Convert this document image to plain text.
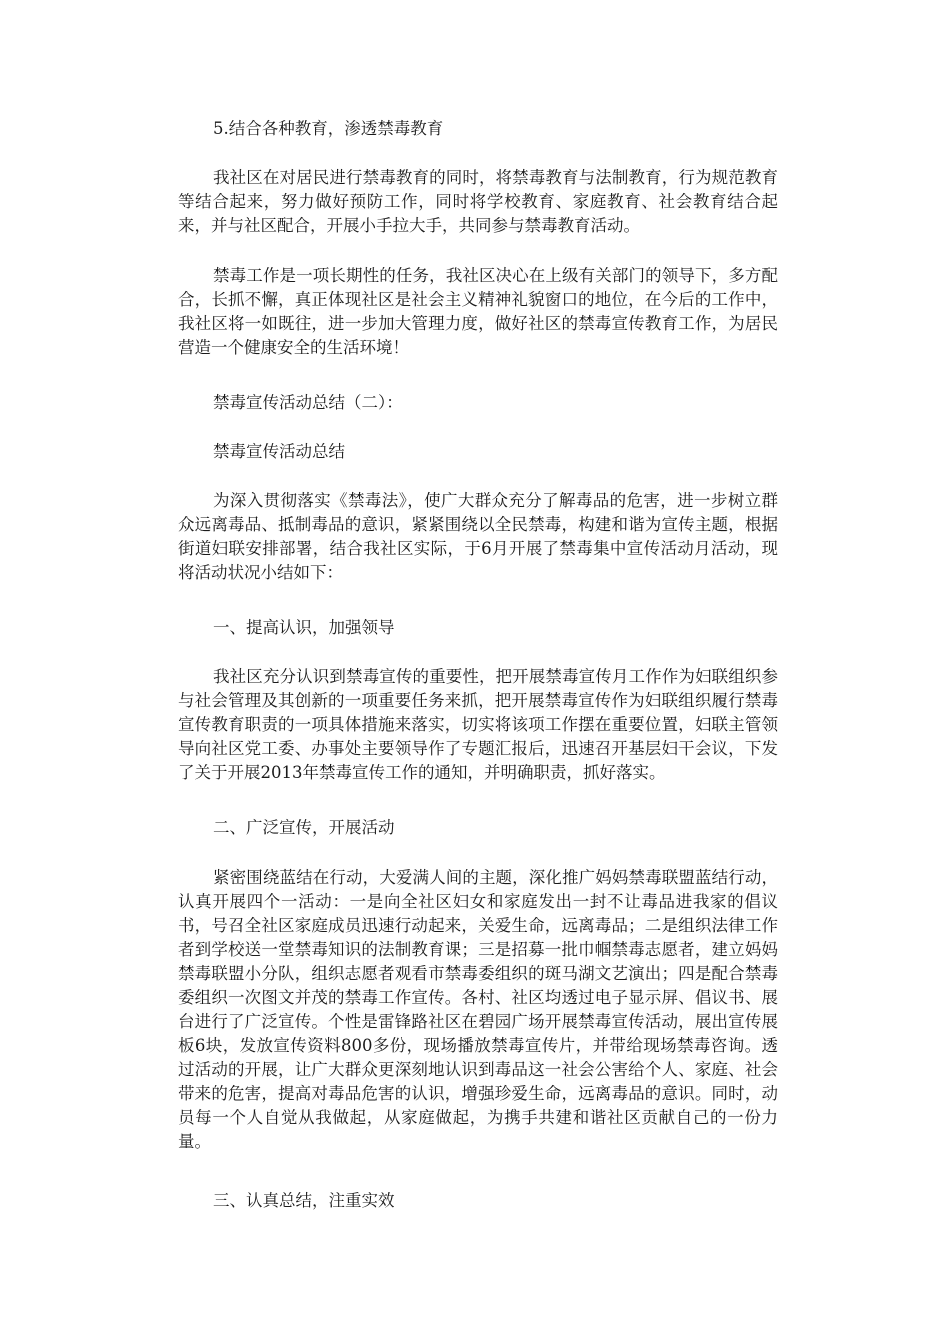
5.结合各种教育，渗透禁毒教育

我社区在对居民进行禁毒教育的同时，将禁毒教育与法制教育，行为规范教育等结合起来，努力做好预防工作，同时将学校教育、家庭教育、社会教育结合起来，并与社区配合，开展小手拉大手，共同参与禁毒教育活动。

禁毒工作是一项长期性的任务，我社区决心在上级有关部门的领导下，多方配合，长抓不懈，真正体现社区是社会主义精神礼貌窗口的地位，在今后的工作中，我社区将一如既往，进一步加大管理力度，做好社区的禁毒宣传教育工作，为居民营造一个健康安全的生活环境！

禁毒宣传活动总结（二）：
禁毒宣传活动总结

为深入贯彻落实《禁毒法》，使广大群众充分了解毒品的危害，进一步树立群众远离毒品、抵制毒品的意识，紧紧围绕以全民禁毒，构建和谐为宣传主题，根据街道妇联安排部署，结合我社区实际，于6月开展了禁毒集中宣传活动月活动，现将活动状况小结如下：

一、提高认识，加强领导

我社区充分认识到禁毒宣传的重要性，把开展禁毒宣传月工作作为妇联组织参与社会管理及其创新的一项重要任务来抓，把开展禁毒宣传作为妇联组织履行禁毒宣传教育职责的一项具体措施来落实，切实将该项工作摆在重要位置，妇联主管领导向社区党工委、办事处主要领导作了专题汇报后，迅速召开基层妇干会议，下发了关于开展2013年禁毒宣传工作的通知，并明确职责，抓好落实。

二、广泛宣传，开展活动

紧密围绕蓝结在行动，大爱满人间的主题，深化推广妈妈禁毒联盟蓝结行动，认真开展四个一活动：一是向全社区妇女和家庭发出一封不让毒品进我家的倡议书，号召全社区家庭成员迅速行动起来，关爱生命，远离毒品；二是组织法律工作者到学校送一堂禁毒知识的法制教育课；三是招募一批巾帼禁毒志愿者，建立妈妈禁毒联盟小分队，组织志愿者观看市禁毒委组织的斑马湖文艺演出；四是配合禁毒委组织一次图文并茂的禁毒工作宣传。各村、社区均透过电子显示屏、倡议书、展台进行了广泛宣传。个性是雷锋路社区在碧园广场开展禁毒宣传活动，展出宣传展板6块，发放宣传资料800多份，现场播放禁毒宣传片，并带给现场禁毒咨询。透过活动的开展，让广大群众更深刻地认识到毒品这一社会公害给个人、家庭、社会带来的危害，提高对毒品危害的认识，增强珍爱生命，远离毒品的意识。同时，动员每一个人自觉从我做起，从家庭做起，为携手共建和谐社区贡献自己的一份力量。

三、认真总结，注重实效
